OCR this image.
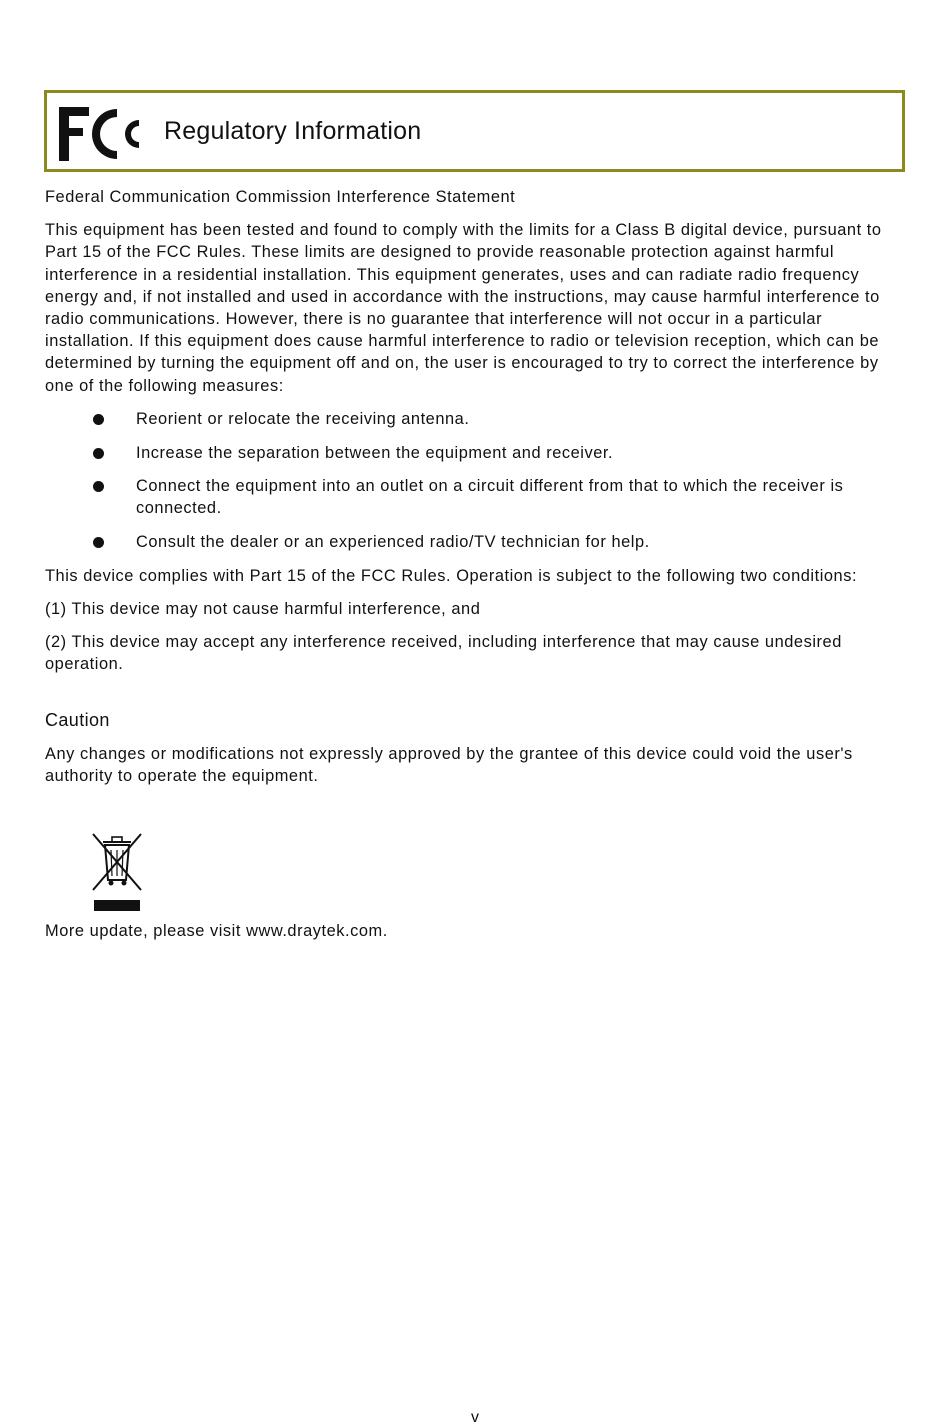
Regulatory Information

Federal Communication Commission Interference Statement

This equipment has been tested and found to comply with the limits for a Class B digital device, pursuant to Part 15 of the FCC Rules. These limits are designed to provide reasonable protection against harmful interference in a residential installation. This equipment generates, uses and can radiate radio frequency energy and, if not installed and used in accordance with the instructions, may cause harmful interference to radio communications. However, there is no guarantee that interference will not occur in a particular installation. If this equipment does cause harmful interference to radio or television reception, which can be determined by turning the equipment off and on, the user is encouraged to try to correct the interference by one of the following measures:

Reorient or relocate the receiving antenna.
Increase the separation between the equipment and receiver.
Connect the equipment into an outlet on a circuit different from that to which the receiver is connected.
Consult the dealer or an experienced radio/TV technician for help.

This device complies with Part 15 of the FCC Rules. Operation is subject to the following two conditions:

(1) This device may not cause harmful interference, and

(2) This device may accept any interference received, including interference that may cause undesired operation.

Caution

Any changes or modifications not expressly approved by the grantee of this device could void the user's authority to operate the equipment.

More update, please visit www.draytek.com.

v
